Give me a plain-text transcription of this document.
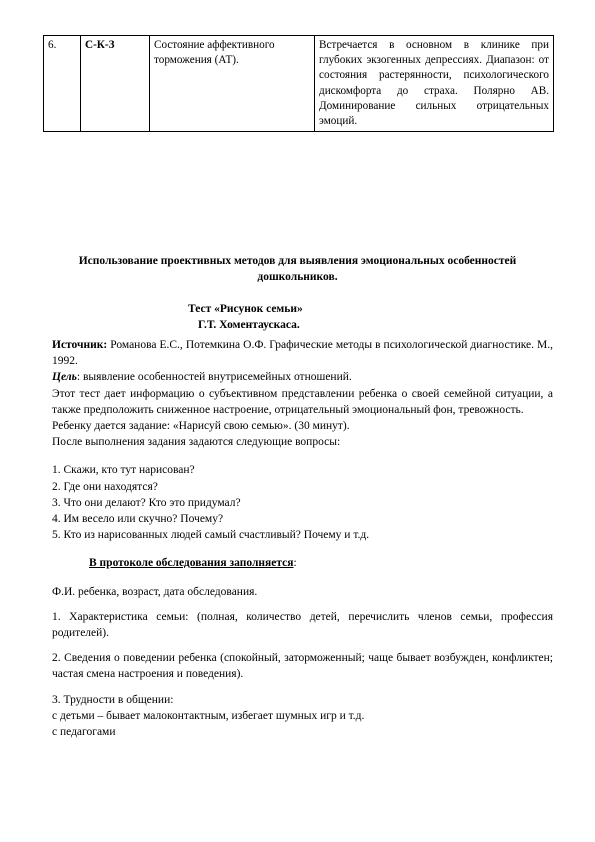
6.	С-К-З	Состояние аффективного торможения (АТ).	Встречается в основном в клинике при глубоких экзогенных депрессиях. Диапазон: от состояния растерянности, психологического дискомфорта до страха. Полярно АВ. Доминирование сильных отрицательных эмоций.
Использование проективных методов для выявления эмоциональных особенностей дошкольников.
Тест «Рисунок семьи»
Г.Т. Хоментаускаса.

Источник: Романова Е.С., Потемкина О.Ф. Графические методы в психологической диагностике. М., 1992.

Цель: выявление особенностей внутрисемейных отношений.

Этот тест дает информацию о субъективном представлении ребенка о своей семейной ситуации, а также предположить сниженное настроение, отрицательный эмоциональный фон, тревожность.

Ребенку дается задание: «Нарисуй свою семью». (30 минут).

После выполнения задания задаются следующие вопросы:

1. Скажи, кто тут нарисован?

2. Где они находятся?

3. Что они делают? Кто это придумал?

4. Им весело или скучно? Почему?

5. Кто из нарисованных людей самый счастливый? Почему и т.д.

В протоколе обследования заполняется:

Ф.И. ребенка, возраст, дата обследования.

1. Характеристика семьи: (полная, количество детей, перечислить членов семьи, профессия родителей).

2. Сведения о поведении ребенка (спокойный, заторможенный; чаще бывает возбужден, конфликтен; частая смена настроения и поведения).

3. Трудности в общении:

с детьми – бывает малоконтактным, избегает шумных игр и т.д.

с педагогами
